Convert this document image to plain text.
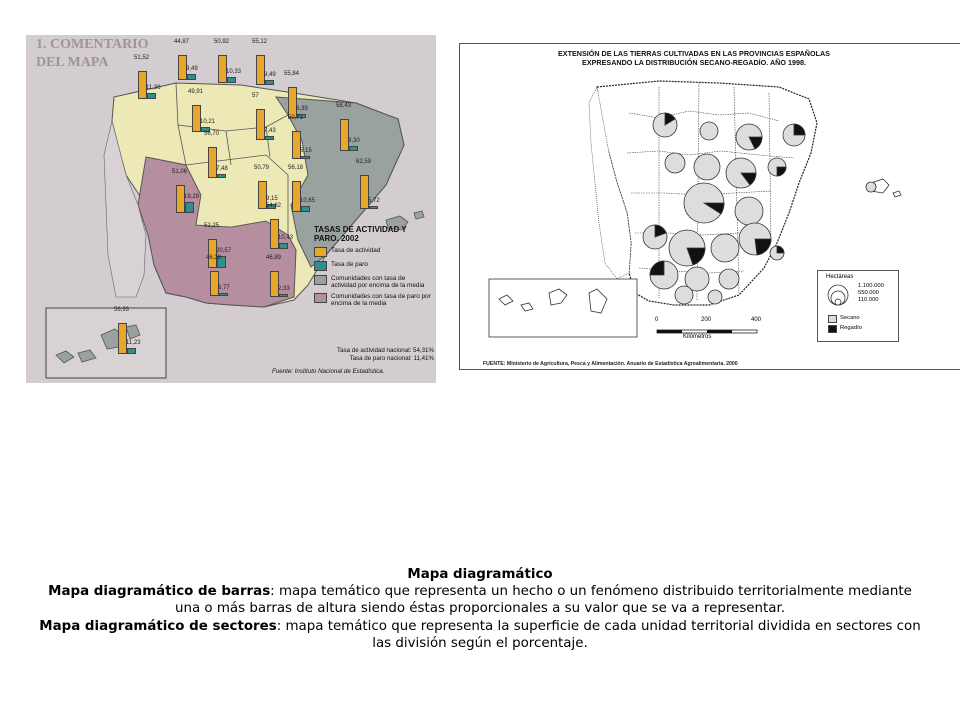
1. COMENTARIO
DEL MAPA	51,52
11,36
44,87
9,49
50,92
10,33
55,12
9,49 55,84
6,39
49,91
10,21
57
7,43
50,71
5,15
58,43
9,30
56,70
7,48	50,79
9,15
56,18
10,65
62,59
5,72
51,06
19,29
54,82
10,43
52,25
20,57
46,89
2,33
46,29
6,77
56,93
11,23
TASAS DE ACTIVIDAD Y PARO. 2002
Tasa de actividad
Tasa de paro
Comunidades con tasa de actividad por encima de la media
Comunidades con tasa de paro por encima de la media
Tasa de actividad nacional: 54,31%
Tasa de paro nacional: 11,41%
Fuente: Instituto Nacional de Estadística.
EXTENSIÓN DE LAS TIERRAS CULTIVADAS EN LAS PROVINCIAS ESPAÑOLAS
EXPRESANDO LA DISTRIBUCIÓN SECANO-REGADÍO. AÑO 1998.
0	200	400
Kilómetros
Hectáreas
1.100.000
550.000
110.000
Secano
Regadío
FUENTE: Ministerio de Agricultura, Pesca y Alimentación. Anuario de Estadística Agroalimentaria. 2000
Mapa diagramático
Mapa diagramático de barras: mapa temático que representa un hecho o un fenómeno distribuido territorialmente mediante una o más barras de altura siendo éstas proporcionales a su valor que se va a representar.
Mapa diagramático de sectores: mapa temático que representa la superficie de cada unidad territorial dividida en sectores con las división según el porcentaje.
